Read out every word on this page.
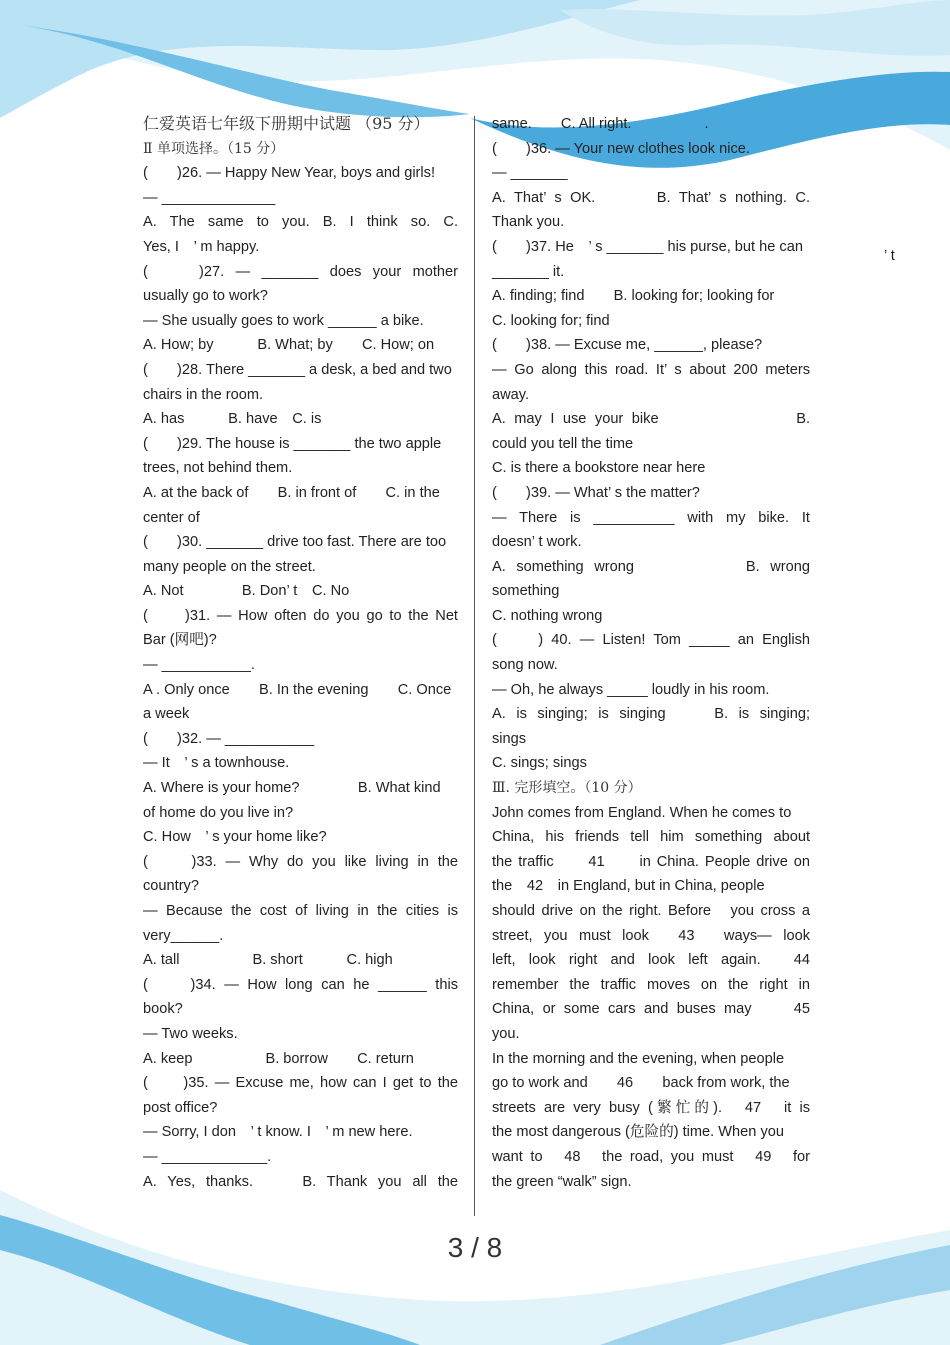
仁爱英语七年级下册期中试题 （95 分）
Ⅱ 单项选择。（15 分）
(　　)26. — Happy New Year, boys and girls!
— ______________
A. The same to you. B. I think so. C.
Yes, I　’ m happy.
(　　)27. — _______ does your mother
usually go to work?
— She usually goes to work ______ a bike.
A. How; by　　　B. What; by　　C. How; on
(　　)28. There _______ a desk, a bed and two
chairs in the room.
A. has　　　B. have　C. is
(　　)29. The house is _______ the two apple
trees, not behind them.
A. at the back of　　B. in front of　　C. in the
center of
(　　)30. _______ drive too fast. There are too
many people on the street.
A. Not　　　　B. Don’ t　C. No
(　　)31. — How often do you go to the Net
Bar (网吧)?
— ___________.
A . Only once　　B. In the evening　　C. Once
a week
(　　)32. — ___________
— It　’ s a townhouse.
A. Where is your home?　　　　B. What kind
of home do you live in?
C. How　’ s your home like?
(　　)33. — Why do you like living in the
country?
— Because the cost of living in the cities is
very______.
A. tall　　　　　B. short　　　C. high
(　　)34. — How long can he ______ this
book?
— Two weeks.
A. keep　　　　　B. borrow　　C. return
(　　)35. — Excuse me, how can I get to the
post office?
— Sorry, I don　’ t know. I　’ m new here.
— _____________.
A. Yes, thanks.　　B. Thank you all the
same.　　C. All right.　　　　　.
(　　)36. — Your new clothes look nice.
— _______
A. That’ s OK.　　　B. That’ s nothing. C.
Thank you.
(　　)37. He　’ s _______ his purse, but he can
_______ it.
A. finding; find　　B. looking for; looking for
C. looking for; find
(　　)38. — Excuse me, ______, please?
— Go along this road. It’ s about 200 meters
away.
A. may I use your bike　　　　　　　B.
could you tell the time
C. is there a bookstore near here
(　　)39. — What’ s the matter?
— There is __________ with my bike. It
doesn’ t work.
A. something wrong　　　　　B. wrong
something
C. nothing wrong
(　　) 40. — Listen! Tom _____ an English
song now.
— Oh, he always _____ loudly in his room.
A. is singing; is singing　　B. is singing;
sings
C. sings; sings
Ⅲ. 完形填空。（10 分）
John comes from England. When he comes to
China, his friends tell him something about
the traffic　　41　　in China. People drive on
the　42　in England, but in China, people
should drive on the right. Before　you cross a
street, you must look　43　ways— look
left, look right and look left again.　44
remember the traffic moves on the right in
China, or some cars and buses may　　45
you.
In the morning and the evening, when people
go to work and　　46　　back from work, the
streets are very busy (繁忙的).　47　it is
the most dangerous (危险的) time. When you
want to　48　the road, you must　49　for
the green “walk” sign.
’ t
3 / 8
